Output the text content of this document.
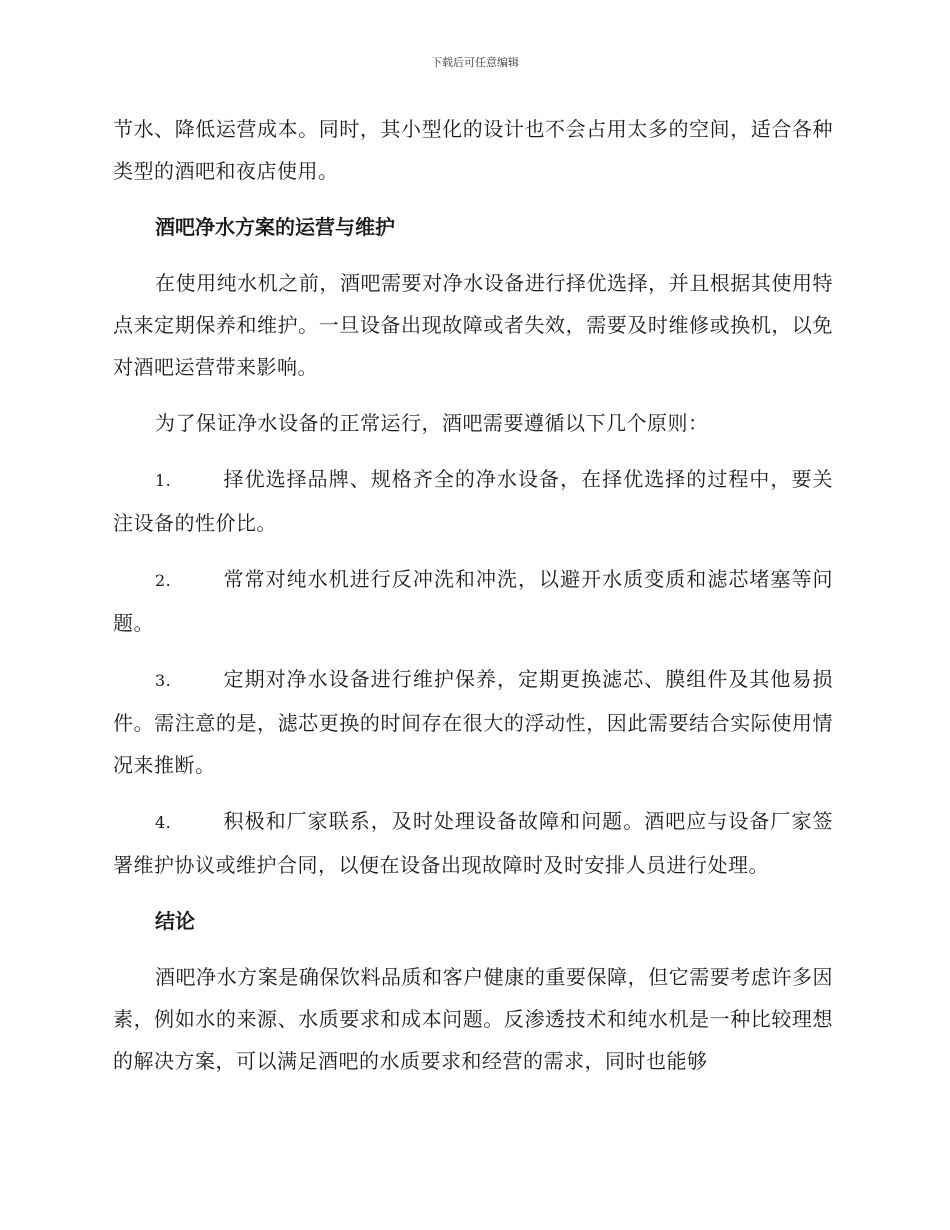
下载后可任意编辑

节水、降低运营成本。同时，其小型化的设计也不会占用太多的空间，适合各种类型的酒吧和夜店使用。

酒吧净水方案的运营与维护

在使用纯水机之前，酒吧需要对净水设备进行择优选择，并且根据其使用特点来定期保养和维护。一旦设备出现故障或者失效，需要及时维修或换机，以免对酒吧运营带来影响。

为了保证净水设备的正常运行，酒吧需要遵循以下几个原则：

1.	择优选择品牌、规格齐全的净水设备，在择优选择的过程中，要关注设备的性价比。

2.	常常对纯水机进行反冲洗和冲洗，以避开水质变质和滤芯堵塞等问题。

3.	定期对净水设备进行维护保养，定期更换滤芯、膜组件及其他易损件。需注意的是，滤芯更换的时间存在很大的浮动性，因此需要结合实际使用情况来推断。

4.	积极和厂家联系，及时处理设备故障和问题。酒吧应与设备厂家签署维护协议或维护合同，以便在设备出现故障时及时安排人员进行处理。

结论

酒吧净水方案是确保饮料品质和客户健康的重要保障，但它需要考虑许多因素，例如水的来源、水质要求和成本问题。反渗透技术和纯水机是一种比较理想的解决方案，可以满足酒吧的水质要求和经营的需求，同时也能够
